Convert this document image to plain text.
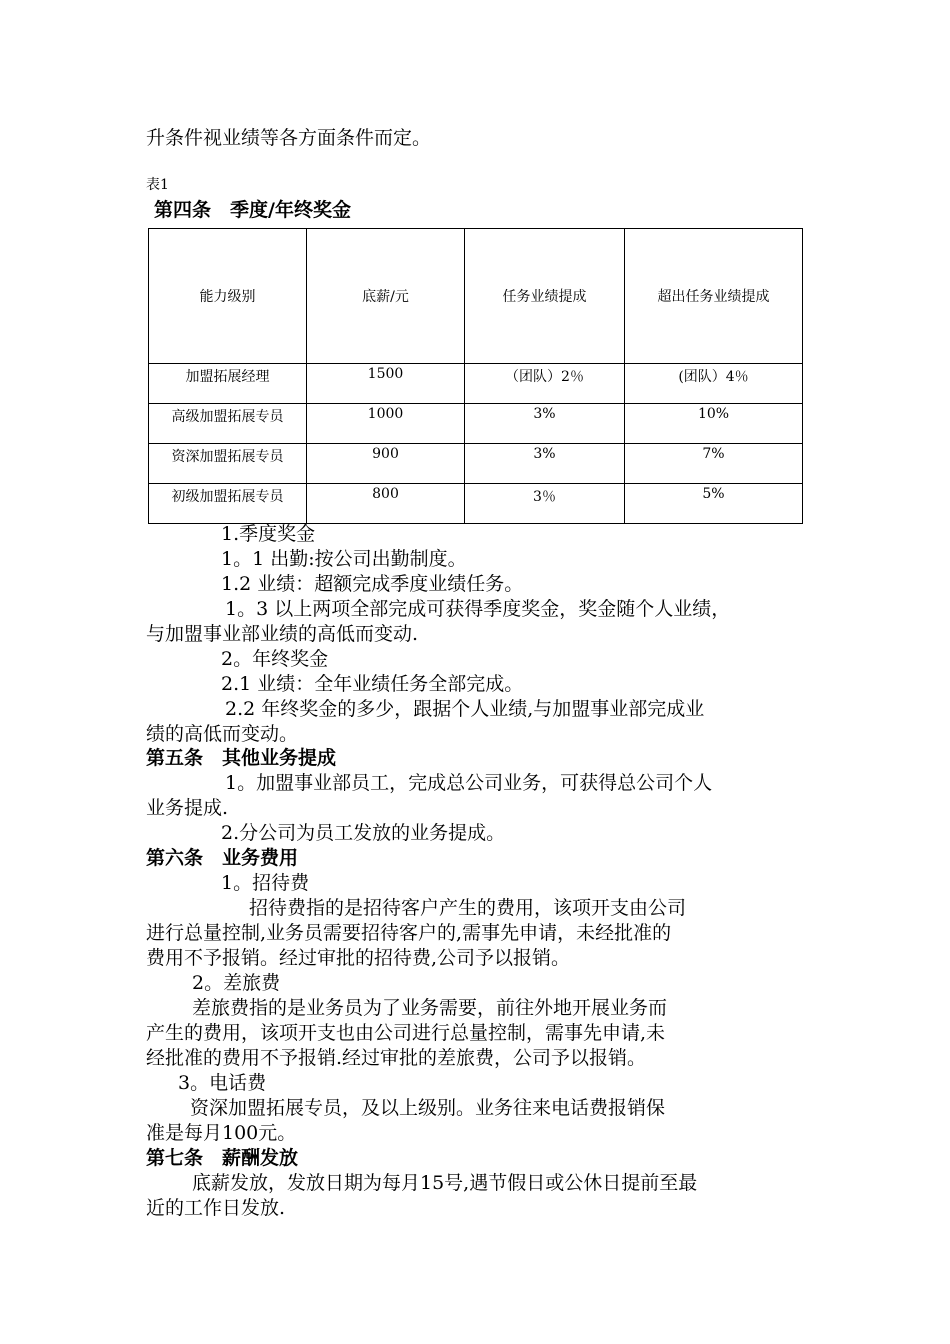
升条件视业绩等各方面条件而定。
表1
第四条　季度/年终奖金
能力级别	底薪/元	任务业绩提成	超出任务业绩提成
加盟拓展经理	1500	（团队）2％	(团队）4％
高级加盟拓展专员	1000	3%	10%
资深加盟拓展专员	900	3%	7%
初级加盟拓展专员	800	3％	5%
1.季度奖金
1。1 出勤:按公司出勤制度。
1.2 业绩：超额完成季度业绩任务。
1。3 以上两项全部完成可获得季度奖金，奖金随个人业绩，
与加盟事业部业绩的高低而变动.
2。年终奖金
2.1 业绩：全年业绩任务全部完成。
2.2 年终奖金的多少，跟据个人业绩,与加盟事业部完成业
绩的高低而变动。
第五条　其他业务提成
1。加盟事业部员工，完成总公司业务，可获得总公司个人
业务提成.
2.分公司为员工发放的业务提成。
第六条　业务费用
1。招待费
招待费指的是招待客户产生的费用，该项开支由公司
进行总量控制,业务员需要招待客户的,需事先申请，未经批准的
费用不予报销。经过审批的招待费,公司予以报销。
2。差旅费
差旅费指的是业务员为了业务需要，前往外地开展业务而
产生的费用，该项开支也由公司进行总量控制，需事先申请,未
经批准的费用不予报销.经过审批的差旅费，公司予以报销。
3。电话费
资深加盟拓展专员，及以上级别。业务往来电话费报销保
准是每月100元。
第七条　薪酬发放
底薪发放，发放日期为每月15号,遇节假日或公休日提前至最
近的工作日发放.
